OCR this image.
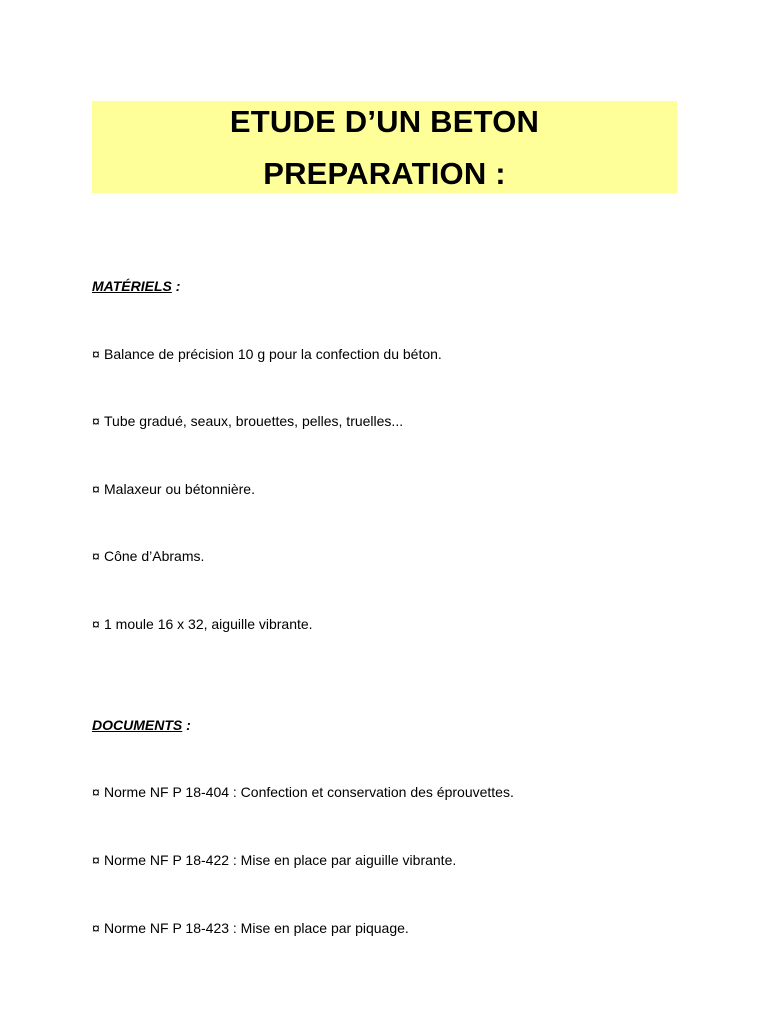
ETUDE D’UN BETON
PREPARATION :
MATÉRIELS :
¤ Balance de précision 10 g pour la confection du béton.
¤ Tube gradué, seaux, brouettes, pelles, truelles...
¤ Malaxeur ou bétonnière.
¤ Cône d’Abrams.
¤ 1 moule 16 x 32, aiguille vibrante.
DOCUMENTS :
¤ Norme NF P 18-404 : Confection et conservation des éprouvettes.
¤ Norme NF P 18-422 : Mise en place par aiguille vibrante.
¤ Norme NF P 18-423 : Mise en place par piquage.
